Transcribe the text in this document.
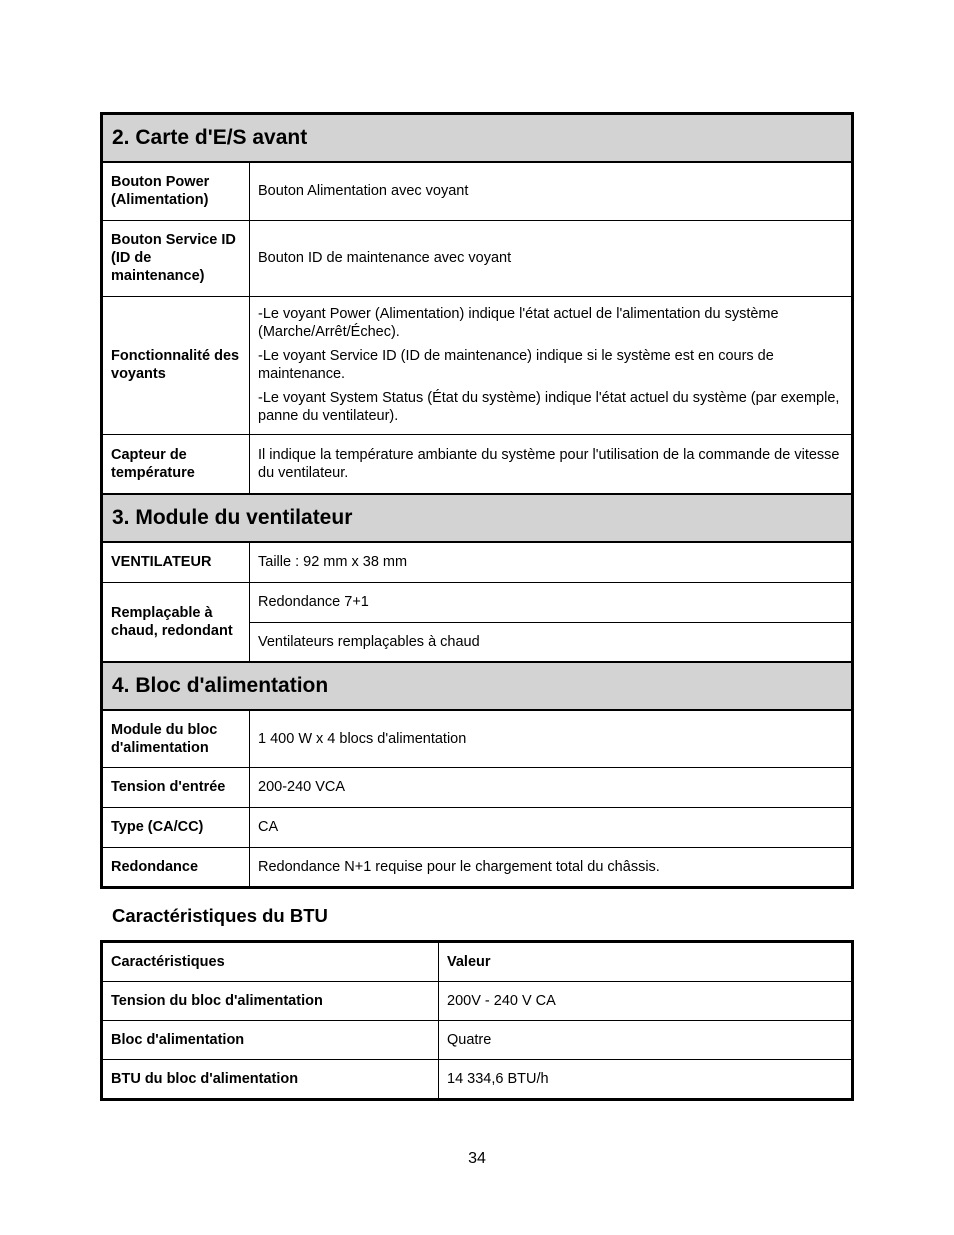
2. Carte d'E/S avant	
Bouton Power (Alimentation)	Bouton Alimentation avec voyant
Bouton Service ID (ID de maintenance)	Bouton ID de maintenance avec voyant
Fonctionnalité des voyants	-Le voyant Power (Alimentation) indique l'état actuel de l'alimentation du système (Marche/Arrêt/Échec).

-Le voyant Service ID (ID de maintenance) indique si le système est en cours de maintenance.

-Le voyant System Status (État du système) indique l'état actuel du système (par exemple, panne du ventilateur).

Capteur de température	Il indique la température ambiante du système pour l'utilisation de la commande de vitesse du ventilateur.
3. Module du ventilateur	
VENTILATEUR	Taille : 92 mm x 38 mm
Remplaçable à chaud, redondant	Redondance 7+1
	Ventilateurs remplaçables à chaud
4. Bloc d'alimentation	
Module du bloc d'alimentation	1 400 W x 4 blocs d'alimentation
Tension d'entrée	200-240 VCA
Type (CA/CC)	CA
Redondance	Redondance N+1 requise pour le chargement total du châssis.
Caractéristiques du BTU
Caractéristiques	Valeur
Tension du bloc d'alimentation	200V - 240 V CA
Bloc d'alimentation	Quatre
BTU du bloc d'alimentation	14 334,6 BTU/h
34
